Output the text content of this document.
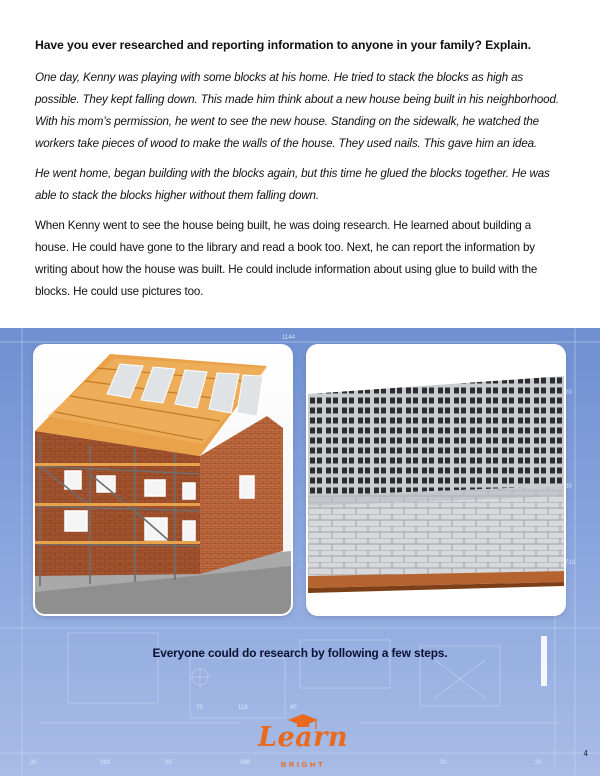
Have you ever researched and reporting information to anyone in your family? Explain.

One day, Kenny was playing with some blocks at his home. He tried to stack the blocks as high as possible. They kept falling down. This made him think about a new house being built in his neighborhood. With his mom’s permission, he went to see the new house. Standing on the sidewalk, he watched the workers take pieces of wood to make the walls of the house. They used nails. This gave him an idea.

He went home, began building with the blocks again, but this time he glued the blocks together. He was able to stack the blocks higher without them falling down.

When Kenny went to see the house being built, he was doing research. He learned about building a house. He could have gone to the library and read a book too. Next, he can report the information by writing about how the house was built. He could include information about using glue to build with the blocks. He could use pictures too.

1144
20
20
710
75	119	90
20	293	20	368	20	20
Everyone could do research by following a few steps.
Learn
BRIGHT
4
